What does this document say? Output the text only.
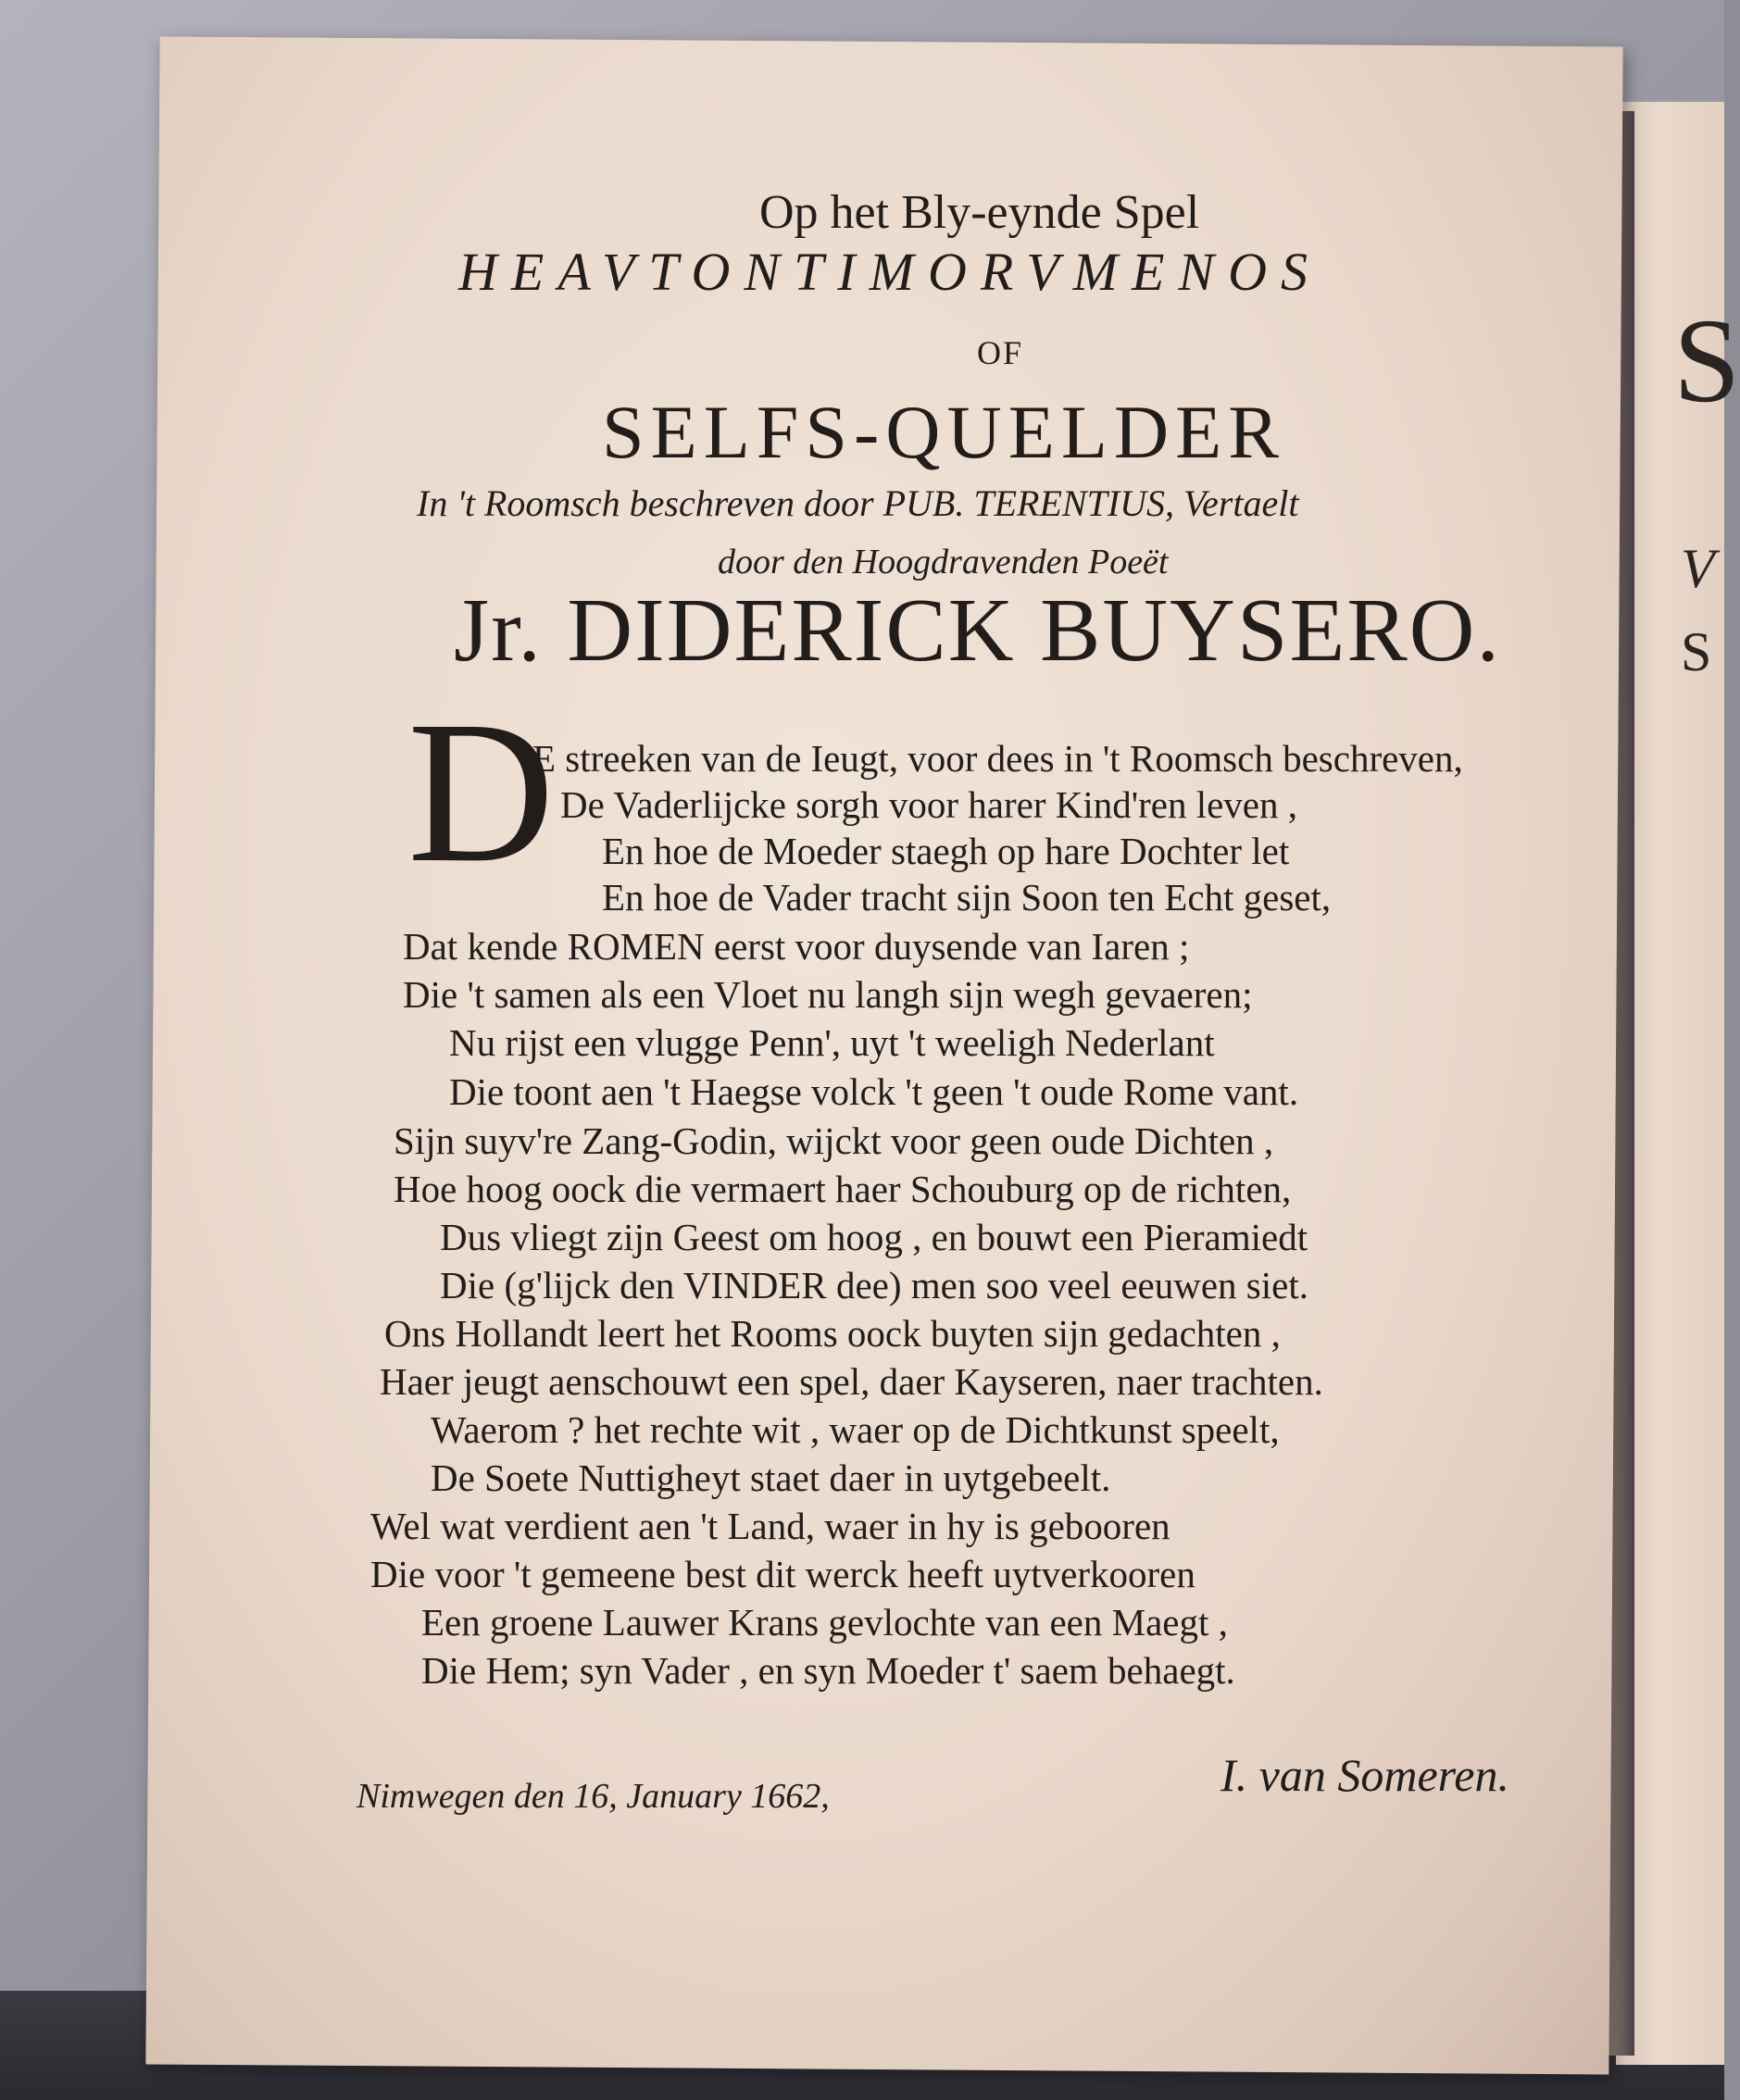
S
V
S
Op het Bly-eynde Spel
HEAVTONTIMORVMENOS
OF
SELFS-QUELDER
In 't Roomsch beschreven door PUB. TERENTIUS, Vertaelt
door den Hoogdravenden Poeët
Jr. DIDERICK BUYSERO.
D
E streeken van de Ieugt, voor dees in 't Roomsch beschreven,
De Vaderlijcke sorgh voor harer Kind'ren leven ,
En hoe de Moeder staegh op hare Dochter let
En hoe de Vader tracht sijn Soon ten Echt geset,
Dat kende ROMEN eerst voor duysende van Iaren ;
Die 't samen als een Vloet nu langh sijn wegh gevaeren;
Nu rijst een vlugge Penn', uyt 't weeligh Nederlant
Die toont aen 't Haegse volck 't geen 't oude Rome vant.
Sijn suyv're Zang-Godin, wijckt voor geen oude Dichten ,
Hoe hoog oock die vermaert haer Schouburg op de richten,
Dus vliegt zijn Geest om hoog , en bouwt een Pieramiedt
Die (g'lijck den VINDER dee) men soo veel eeuwen siet.
Ons Hollandt leert het Rooms oock buyten sijn gedachten ,
Haer jeugt aenschouwt een spel, daer Kayseren, naer trachten.
Waerom ? het rechte wit , waer op de Dichtkunst speelt,
De Soete Nuttigheyt staet daer in uytgebeelt.
Wel wat verdient aen 't Land, waer in hy is gebooren
Die voor 't gemeene best dit werck heeft uytverkooren
Een groene Lauwer Krans gevlochte van een Maegt ,
Die Hem; syn Vader , en syn Moeder t' saem behaegt.
Nimwegen den 16, January 1662,	I. van Someren.
